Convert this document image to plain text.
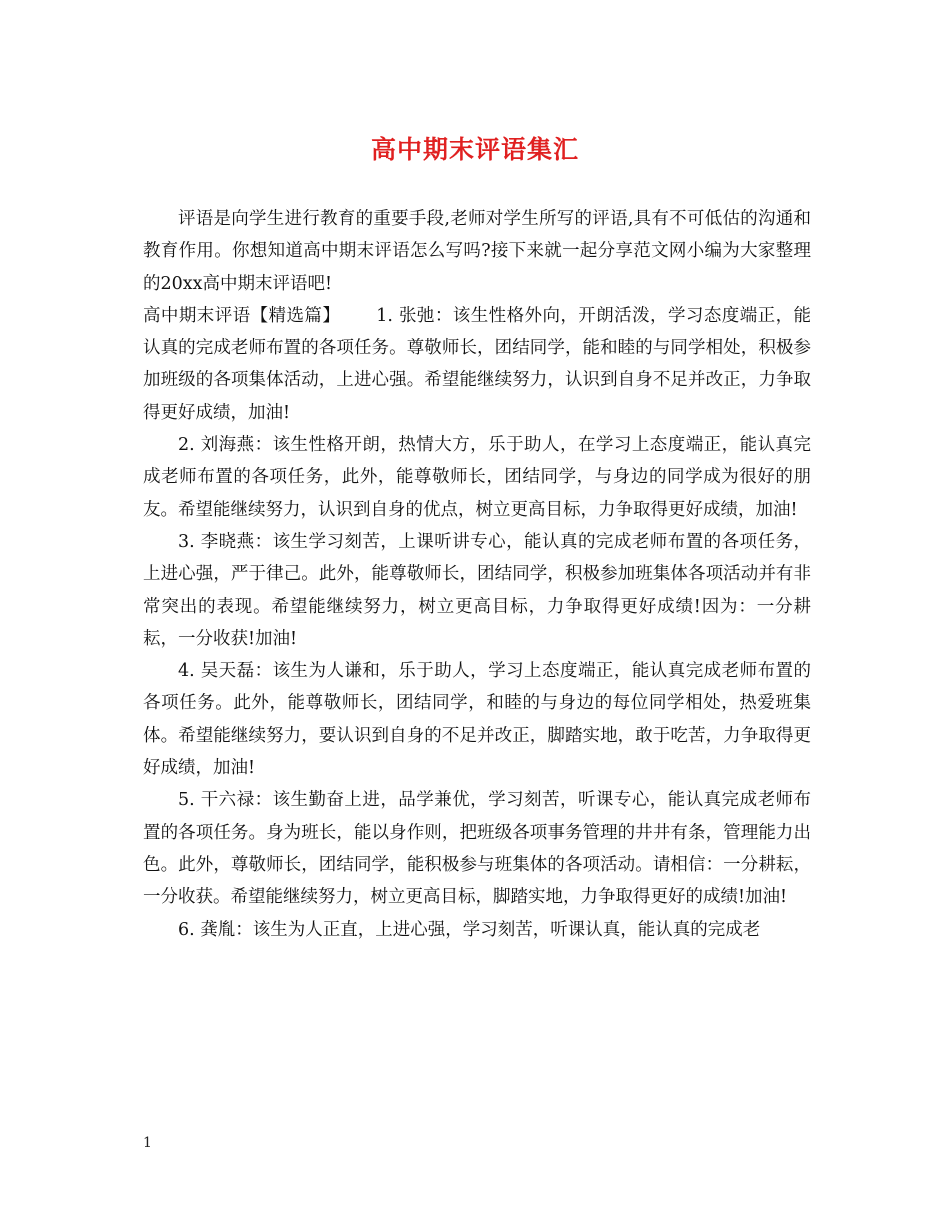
高中期末评语集汇

评语是向学生进行教育的重要手段,老师对学生所写的评语,具有不可低估的沟通和教育作用。你想知道高中期末评语怎么写吗?接下来就一起分享范文网小编为大家整理的20xx高中期末评语吧!

高中期末评语【精选篇】 1. 张弛：该生性格外向，开朗活泼，学习态度端正，能认真的完成老师布置的各项任务。尊敬师长，团结同学，能和睦的与同学相处，积极参加班级的各项集体活动，上进心强。希望能继续努力，认识到自身不足并改正，力争取得更好成绩，加油!

2. 刘海燕：该生性格开朗，热情大方，乐于助人，在学习上态度端正，能认真完成老师布置的各项任务，此外，能尊敬师长，团结同学，与身边的同学成为很好的朋友。希望能继续努力，认识到自身的优点，树立更高目标，力争取得更好成绩，加油!

3. 李晓燕：该生学习刻苦，上课听讲专心，能认真的完成老师布置的各项任务，上进心强，严于律己。此外，能尊敬师长，团结同学，积极参加班集体各项活动并有非常突出的表现。希望能继续努力，树立更高目标，力争取得更好成绩!因为：一分耕耘，一分收获!加油!

4. 吴天磊：该生为人谦和，乐于助人，学习上态度端正，能认真完成老师布置的各项任务。此外，能尊敬师长，团结同学，和睦的与身边的每位同学相处，热爱班集体。希望能继续努力，要认识到自身的不足并改正，脚踏实地，敢于吃苦，力争取得更好成绩，加油!

5. 干六禄：该生勤奋上进，品学兼优，学习刻苦，听课专心，能认真完成老师布置的各项任务。身为班长，能以身作则，把班级各项事务管理的井井有条，管理能力出色。此外，尊敬师长，团结同学，能积极参与班集体的各项活动。请相信：一分耕耘，一分收获。希望能继续努力，树立更高目标，脚踏实地，力争取得更好的成绩!加油!

6. 龚胤：该生为人正直，上进心强，学习刻苦，听课认真，能认真的完成老

1
